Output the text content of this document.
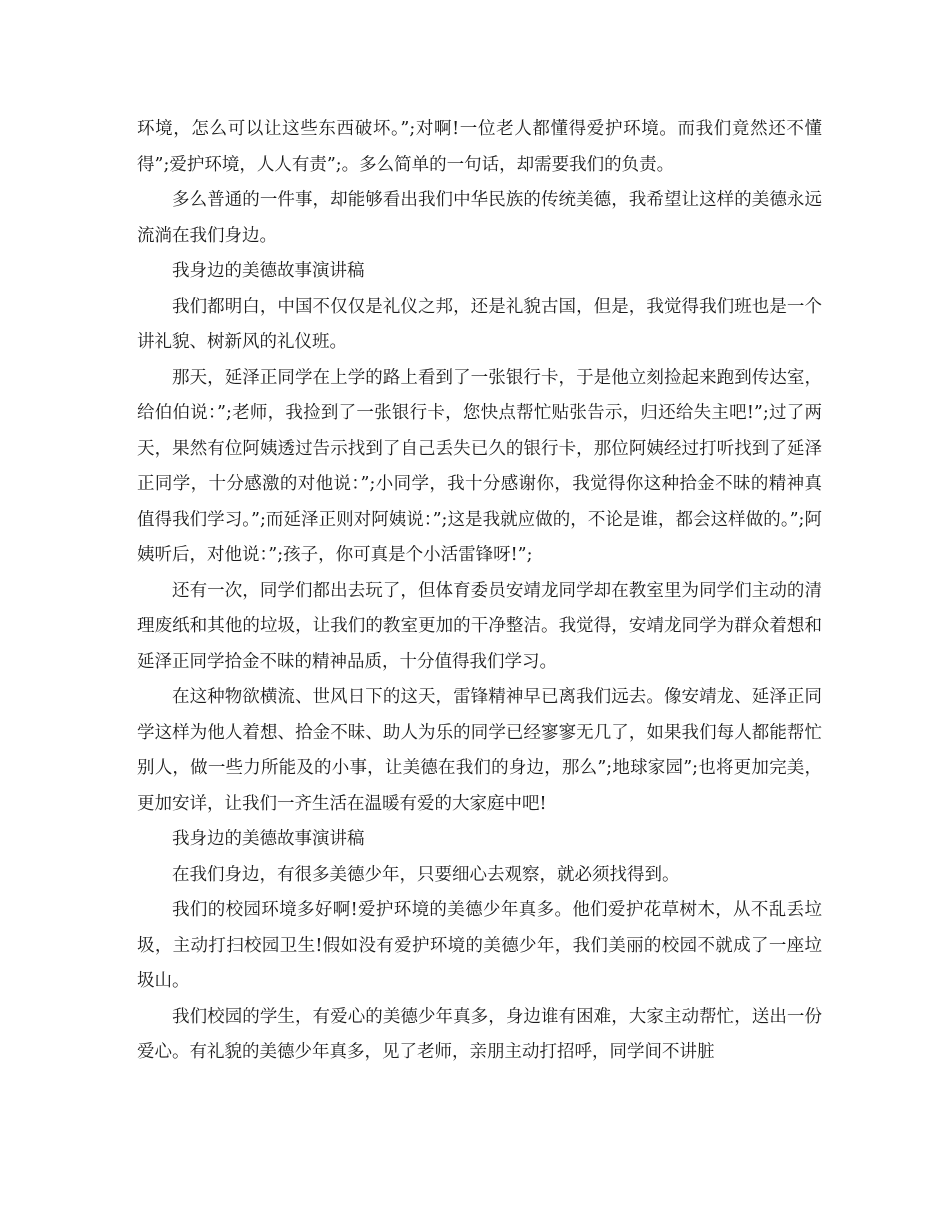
环境，怎么可以让这些东西破坏。”;对啊!一位老人都懂得爱护环境。而我们竟然还不懂得”;爱护环境，人人有责”;。多么简单的一句话，却需要我们的负责。

多么普通的一件事，却能够看出我们中华民族的传统美德，我希望让这样的美德永远流淌在我们身边。

我身边的美德故事演讲稿

我们都明白，中国不仅仅是礼仪之邦，还是礼貌古国，但是，我觉得我们班也是一个讲礼貌、树新风的礼仪班。

那天，延泽正同学在上学的路上看到了一张银行卡，于是他立刻捡起来跑到传达室，给伯伯说：”;老师，我捡到了一张银行卡，您快点帮忙贴张告示，归还给失主吧!”;过了两天，果然有位阿姨透过告示找到了自己丢失已久的银行卡，那位阿姨经过打听找到了延泽正同学，十分感激的对他说：”;小同学，我十分感谢你，我觉得你这种拾金不昧的精神真值得我们学习。”;而延泽正则对阿姨说：”;这是我就应做的，不论是谁，都会这样做的。”;阿姨听后，对他说：”;孩子，你可真是个小活雷锋呀!”;

还有一次，同学们都出去玩了，但体育委员安靖龙同学却在教室里为同学们主动的清理废纸和其他的垃圾，让我们的教室更加的干净整洁。我觉得，安靖龙同学为群众着想和延泽正同学拾金不昧的精神品质，十分值得我们学习。

在这种物欲横流、世风日下的这天，雷锋精神早已离我们远去。像安靖龙、延泽正同学这样为他人着想、拾金不昧、助人为乐的同学已经寥寥无几了，如果我们每人都能帮忙别人，做一些力所能及的小事，让美德在我们的身边，那么”;地球家园”;也将更加完美，更加安详，让我们一齐生活在温暖有爱的大家庭中吧!

我身边的美德故事演讲稿

在我们身边，有很多美德少年，只要细心去观察，就必须找得到。

我们的校园环境多好啊!爱护环境的美德少年真多。他们爱护花草树木，从不乱丢垃圾，主动打扫校园卫生!假如没有爱护环境的美德少年，我们美丽的校园不就成了一座垃圾山。

我们校园的学生，有爱心的美德少年真多，身边谁有困难，大家主动帮忙，送出一份爱心。有礼貌的美德少年真多，见了老师，亲朋主动打招呼，同学间不讲脏
